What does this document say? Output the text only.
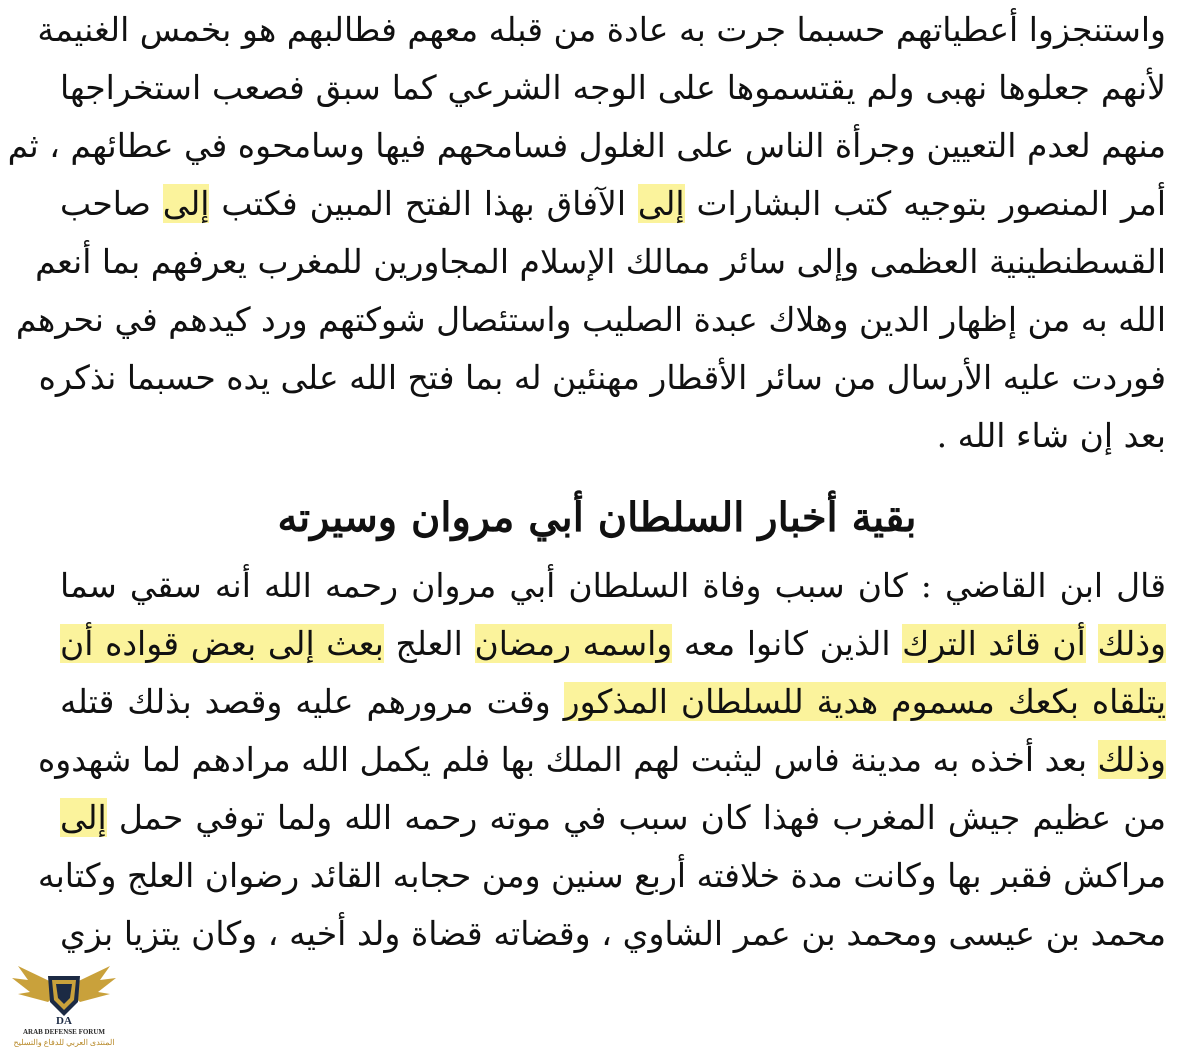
واستنجزوا أعطياتهم حسبما جرت به عادة من قبله معهم فطالبهم هو بخمس الغنيمة
لأنهم جعلوها نهبى ولم يقتسموها على الوجه الشرعي كما سبق فصعب استخراجها
منهم لعدم التعيين وجرأة الناس على الغلول فسامحهم فيها وسامحوه في عطائهم ، ثم
أمر المنصور بتوجيه كتب البشارات إلى الآفاق بهذا الفتح المبين فكتب إلى صاحب
القسطنطينية العظمى وإلى سائر ممالك الإسلام المجاورين للمغرب يعرفهم بما أنعم
الله به من إظهار الدين وهلاك عبدة الصليب واستئصال شوكتهم ورد كيدهم في نحرهم
فوردت عليه الأرسال من سائر الأقطار مهنئين له بما فتح الله على يده حسبما نذكره
بعد إن شاء الله .
بقية أخبار السلطان أبي مروان وسيرته
قال ابن القاضي : كان سبب وفاة السلطان أبي مروان رحمه الله أنه سقي سما
وذلك أن قائد الترك الذين كانوا معه واسمه رمضان العلج بعث إلى بعض قواده أن
يتلقاه بكعك مسموم هدية للسلطان المذكور وقت مرورهم عليه وقصد بذلك قتله
وذلك بعد أخذه به مدينة فاس ليثبت لهم الملك بها فلم يكمل الله مرادهم لما شهدوه
من عظيم جيش المغرب فهذا كان سبب في موته رحمه الله ولما توفي حمل إلى
مراكش فقبر بها وكانت مدة خلافته أربع سنين ومن حجابه القائد رضوان العلج وكتابه
محمد بن عيسى ومحمد بن عمر الشاوي ، وقضاته قضاة ولد أخيه ، وكان يتزيا بزي
DA
ARAB DEFENSE FORUM
المنتدى العربي للدفاع والتسليح
